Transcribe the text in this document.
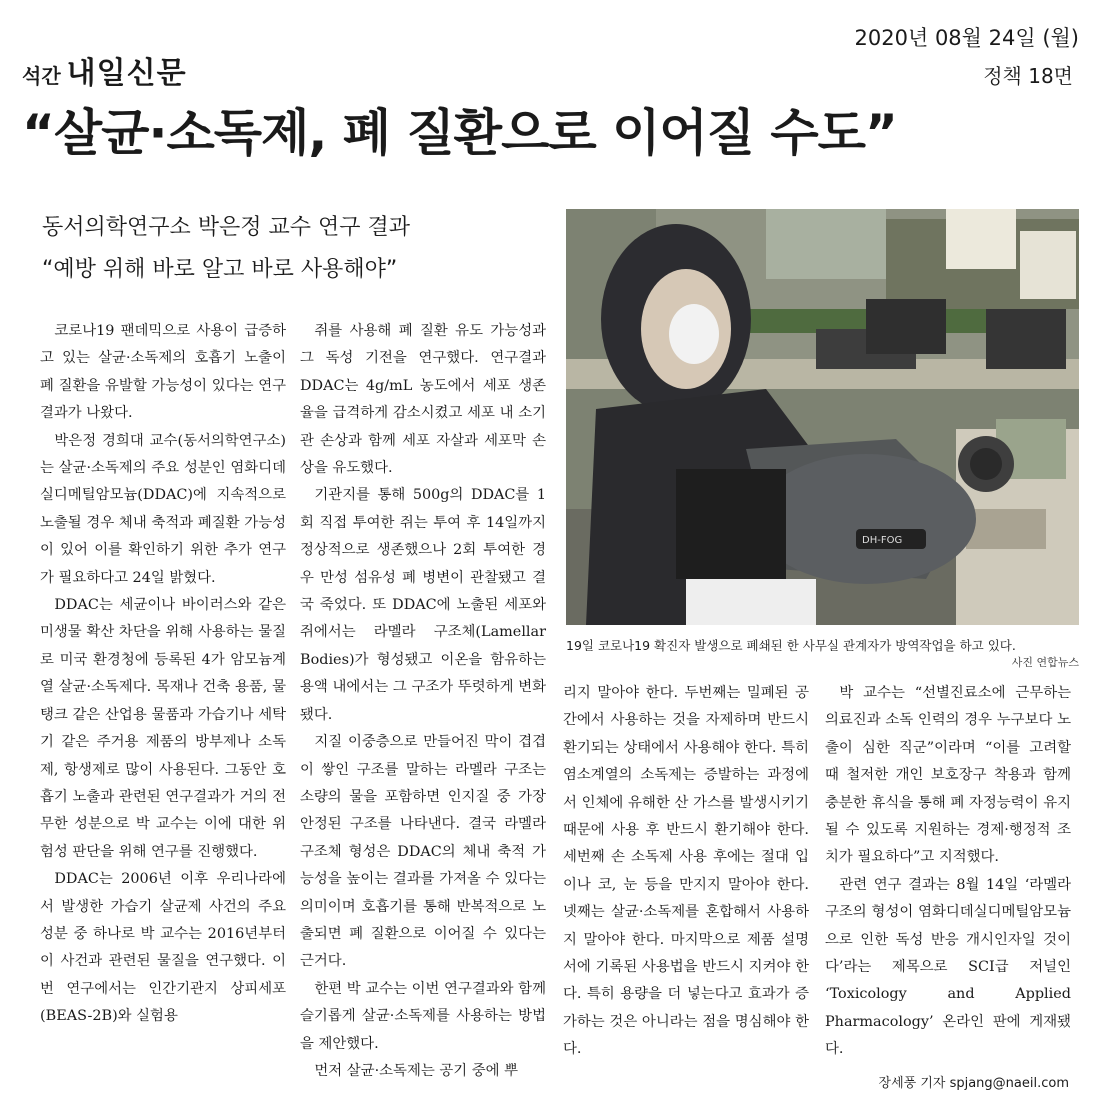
석간 내일신문
2020년 08월 24일 (월)
정책 18면
“살균·소독제, 폐 질환으로 이어질 수도”
동서의학연구소 박은정 교수 연구 결과
“예방 위해 바로 알고 바로 사용해야”

코로나19 팬데믹으로 사용이 급증하고 있는 살균·소독제의 호흡기 노출이 폐 질환을 유발할 가능성이 있다는 연구 결과가 나왔다.

박은정 경희대 교수(동서의학연구소)는 살균·소독제의 주요 성분인 염화디데실디메틸암모늄(DDAC)에 지속적으로 노출될 경우 체내 축적과 폐질환 가능성이 있어 이를 확인하기 위한 추가 연구가 필요하다고 24일 밝혔다.

DDAC는 세균이나 바이러스와 같은 미생물 확산 차단을 위해 사용하는 물질로 미국 환경청에 등록된 4가 암모늄계열 살균·소독제다. 목재나 건축 용품, 물탱크 같은 산업용 물품과 가습기나 세탁기 같은 주거용 제품의 방부제나 소독제, 항생제로 많이 사용된다. 그동안 호흡기 노출과 관련된 연구결과가 거의 전무한 성분으로 박 교수는 이에 대한 위험성 판단을 위해 연구를 진행했다.

DDAC는 2006년 이후 우리나라에서 발생한 가습기 살균제 사건의 주요 성분 중 하나로 박 교수는 2016년부터 이 사건과 관련된 물질을 연구했다. 이번 연구에서는 인간기관지 상피세포(BEAS-2B)와 실험용

쥐를 사용해 폐 질환 유도 가능성과 그 독성 기전을 연구했다. 연구결과 DDAC는 4g/mL 농도에서 세포 생존율을 급격하게 감소시켰고 세포 내 소기관 손상과 함께 세포 자살과 세포막 손상을 유도했다.

기관지를 통해 500g의 DDAC를 1회 직접 투여한 쥐는 투여 후 14일까지 정상적으로 생존했으나 2회 투여한 경우 만성 섬유성 폐 병변이 관찰됐고 결국 죽었다. 또 DDAC에 노출된 세포와 쥐에서는 라멜라 구조체(Lamellar Bodies)가 형성됐고 이온을 함유하는 용액 내에서는 그 구조가 뚜렷하게 변화됐다.

지질 이중층으로 만들어진 막이 겹겹이 쌓인 구조를 말하는 라멜라 구조는 소량의 물을 포함하면 인지질 중 가장 안정된 구조를 나타낸다. 결국 라멜라 구조체 형성은 DDAC의 체내 축적 가능성을 높이는 결과를 가져올 수 있다는 의미이며 호흡기를 통해 반복적으로 노출되면 폐 질환으로 이어질 수 있다는 근거다.

한편 박 교수는 이번 연구결과와 함께 슬기롭게 살균·소독제를 사용하는 방법을 제안했다.

먼저 살균·소독제는 공기 중에 뿌

DH-FOG
19일 코로나19 확진자 발생으로 폐쇄된 한 사무실 관계자가 방역작업을 하고 있다.
사진 연합뉴스

리지 말아야 한다. 두번째는 밀폐된 공간에서 사용하는 것을 자제하며 반드시 환기되는 상태에서 사용해야 한다. 특히 염소계열의 소독제는 증발하는 과정에서 인체에 유해한 산 가스를 발생시키기 때문에 사용 후 반드시 환기해야 한다. 세번째 손 소독제 사용 후에는 절대 입이나 코, 눈 등을 만지지 말아야 한다. 넷째는 살균·소독제를 혼합해서 사용하지 말아야 한다. 마지막으로 제품 설명서에 기록된 사용법을 반드시 지켜야 한다. 특히 용량을 더 넣는다고 효과가 증가하는 것은 아니라는 점을 명심해야 한다.

박 교수는 “선별진료소에 근무하는 의료진과 소독 인력의 경우 누구보다 노출이 심한 직군”이라며 “이를 고려할 때 철저한 개인 보호장구 착용과 함께 충분한 휴식을 통해 폐 자정능력이 유지될 수 있도록 지원하는 경제·행정적 조치가 필요하다”고 지적했다.

관련 연구 결과는 8월 14일 ‘라멜라 구조의 형성이 염화디데실디메틸암모늄으로 인한 독성 반응 개시인자일 것이다’라는 제목으로 SCI급 저널인 ‘Toxicology and Applied Pharmacology’ 온라인 판에 게재됐다.

장세풍 기자 spjang@naeil.com
